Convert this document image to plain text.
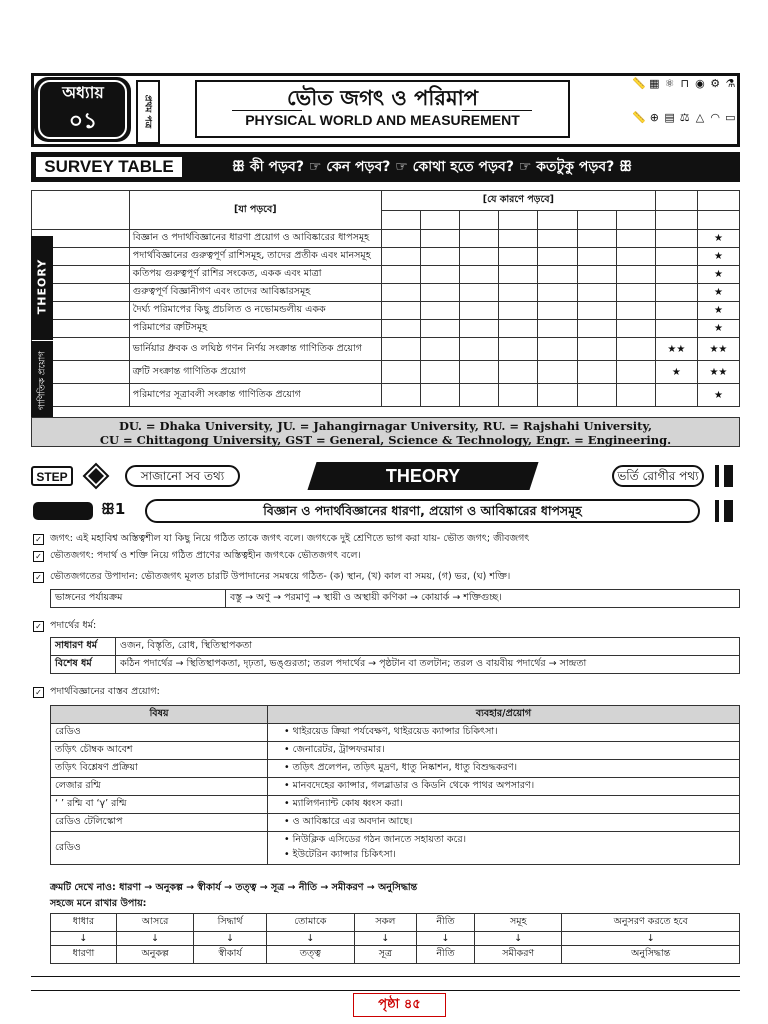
অধ্যায়
০১	প্রথম পত্র	ভৌত জগৎ ও পরিমাপ
PHYSICAL WORLD AND MEASUREMENT
📏 ▦ ⚛ ⊓ ◉ ⚙ ⚗
📏 ⊕ ▤ ⚖ △ ◠ ▭
SURVEY TABLE	ꕥ কী পড়ব? ☞ কেন পড়ব? ☞ কোথা হতে পড়ব? ☞ কতটুকু পড়ব? ꕥ
	[যা পড়বে]	[যে কারণে পড়বে]								

	বিজ্ঞান ও পদার্থবিজ্ঞানের ধারণা প্রয়োগ ও আবিষ্কারের ধাপসমূহ									★
	পদার্থবিজ্ঞানের গুরুত্বপূর্ণ রাশিসমূহ, তাদের প্রতীক এবং মানসমূহ									★
	কতিপয় গুরুত্বপূর্ণ রাশির সংকেত, একক এবং মাত্রা									★
	গুরুত্বপূর্ণ বিজ্ঞানীগণ এবং তাদের আবিষ্কারসমূহ									★
	দৈর্ঘ্য পরিমাপের কিছু প্রচলিত ও নভোমন্ডলীয় একক									★
	পরিমাপের ত্রুটিসমূহ									★
	ভার্নিয়ার ধ্রুবক ও লঘিষ্ঠ গণন নির্ণয় সংক্রান্ত গাণিতিক প্রয়োগ								★★	★★
	ত্রুটি সংক্রান্ত গাণিতিক প্রয়োগ								★	★★
	পরিমাপের সূত্রাবলী সংক্রান্ত গাণিতিক প্রয়োগ									★
THEORY
গাণিতিক প্রয়োগ
DU. = Dhaka University, JU. = Jahangirnagar University, RU. = Rajshahi University,
CU = Chittagong University, GST = General, Science & Technology, Engr. = Engineering.
STEP	সাজানো সব তথ্য	THEORY	ভর্তি রোগীর পথ্য
ꕥ1	বিজ্ঞান ও পদার্থবিজ্ঞানের ধারণা, প্রয়োগ ও আবিষ্কারের ধাপসমূহ
✓ জগৎ: এই মহাবিশ্ব অস্তিত্বশীল যা কিছু নিয়ে গঠিত তাকে জগৎ বলে। জগৎকে দুই শ্রেণিতে ভাগ করা যায়- ভৌত জগৎ; জীবজগৎ
✓ ভৌতজগৎ: পদার্থ ও শক্তি নিয়ে গঠিত প্রাণের অস্তিত্বহীন জগৎকে ভৌতজগৎ বলে।
✓ ভৌতজগতের উপাদান: ভৌতজগৎ মূলত চারটি উপাদানের সমন্বয়ে গঠিত- (ক) স্থান, (খ) কাল বা সময়, (গ) ভর, (ঘ) শক্তি।
ভাঙ্গনের পর্যায়ক্রম	বস্তু → অণু → পরমাণু → স্থায়ী ও অস্থায়ী কণিকা → কোয়ার্ক → শক্তিগুচ্ছ।
✓ পদার্থের ধর্ম:
সাধারণ ধর্ম	ওজন, বিস্তৃতি, রোধ, স্থিতিস্থাপকতা
বিশেষ ধর্ম	কঠিন পদার্থের → স্থিতিস্থাপকতা, দৃঢ়তা, ভঙ্গুরতা; তরল পদার্থের → পৃষ্ঠটান বা তলটান; তরল ও বায়বীয় পদার্থের → সান্দ্রতা
✓ পদার্থবিজ্ঞানের বাস্তব প্রয়োগ:
বিষয়	ব্যবহার/প্রয়োগ
রেডিও	• থাইরয়েড ক্রিয়া পর্যবেক্ষণ, থাইরয়েড ক্যান্সার চিকিৎসা।

তড়িৎ চৌম্বক আবেশ	• জেনারেটর, ট্রান্সফরমার।

তড়িৎ বিশ্লেষণ প্রক্রিয়া	• তড়িৎ প্রলেপন, তড়িৎ মুদ্রণ, ধাতু নিষ্কাশন, ধাতু বিশুদ্ধকরণ।

লেজার রশ্মি	• মানবদেহের ক্যান্সার, গলব্লাডার ও কিডনি থেকে পাথর অপসারণ।

‘ ’ রশ্মি বা ‘γ’ রশ্মি	• ম্যালিগন্যান্ট কোষ ধ্বংস করা।

রেডিও টেলিস্কোপ	• ও আবিষ্কারে এর অবদান আছে।

রেডিও	• নিউক্লিক এসিডের গঠন জানতে সহায়তা করে।
• ইউটেরিন ক্যান্সার চিকিৎসা।
ক্রমটি দেখে নাও: ধারণা → অনুকল্প → স্বীকার্য → তত্ত্ব → সূত্র → নীতি → সমীকরণ → অনুসিদ্ধান্ত
সহজে মনে রাখার উপায়:
ধাধার	আসরে	সিদ্ধার্থ	তোমাকে	সকল	নীতি	সমূহ	অনুসরণ করতে হবে
↓	↓	↓	↓	↓	↓	↓	↓
ধারণা	অনুকল্প	স্বীকার্য	তত্ত্ব	সূত্র	নীতি	সমীকরণ	অনুসিদ্ধান্ত
পৃষ্ঠা ৪৫
